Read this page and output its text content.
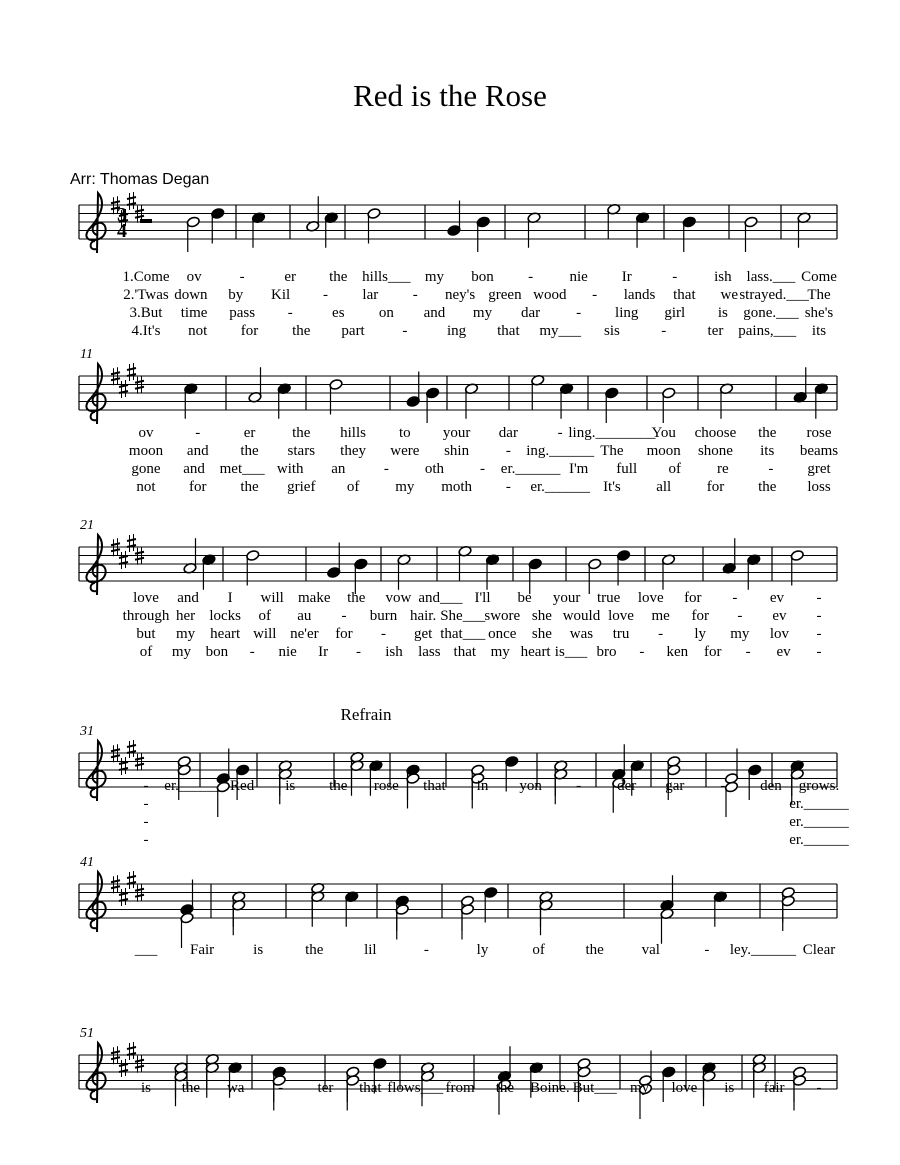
Red is the Rose
Arr: Thomas Degan
3
4
1.Come ov	-	er the hills___ my bon - nie Ir	- ish lass.___ Come
2.'Twas down by Kil - lar - ney's green wood - lands that we strayed.___
The
3.But time pass -	es on and my dar - ling girl is gone.___ she's
4.It's not for the part	-	ing that my___ sis	-	ter pains,___ its
11
ov	-	er the hills to your dar	- ling.________
You choose the rose
moon and the stars they were shin - ing.______ The moon shone its beams
gone and met___ with an	- oth - er.______ I'm full of re	- gret
not for the grief of my moth - er.______ It's all for the loss
21
love and I will make the vow and___ I'll be your true love for - ev -
through her locks of au - burn hair. She___ swore she would love me for - ev -
but my heart will ne'er for - get that___ once she was tru - ly my lov -
of my bon - nie Ir - ish lass that my heart is___ bro - ken for - ev -
31
- er.______ Red is the rose that in yon - der gar - den grows.
-	er.______
-	er.______
-	er.______
41
___ Fair	is	the	lil	-	ly	of	the	val	- ley.______ Clear
51
is the wa - ter that flows___ from the Boine. But___ my love is fair -
Refrain
